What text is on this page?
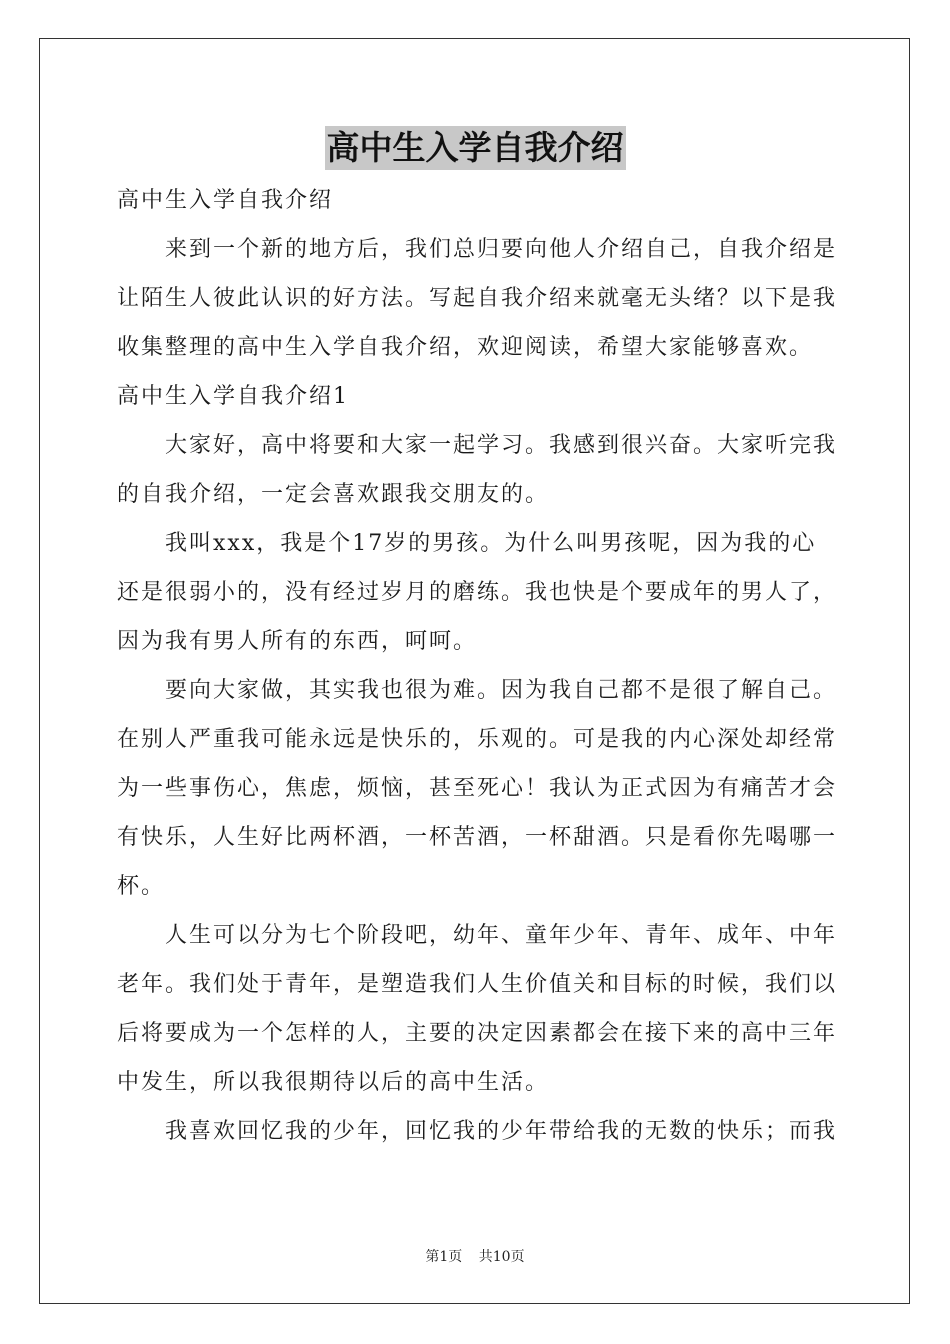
高中生入学自我介绍
高中生入学自我介绍
来到一个新的地方后，我们总归要向他人介绍自己，自我介绍是
让陌生人彼此认识的好方法。写起自我介绍来就毫无头绪？以下是我
收集整理的高中生入学自我介绍，欢迎阅读，希望大家能够喜欢。
高中生入学自我介绍1
大家好，高中将要和大家一起学习。我感到很兴奋。大家听完我
的自我介绍，一定会喜欢跟我交朋友的。
我叫xxx，我是个17岁的男孩。为什么叫男孩呢，因为我的心
还是很弱小的，没有经过岁月的磨练。我也快是个要成年的男人了，
因为我有男人所有的东西，呵呵。
要向大家做，其实我也很为难。因为我自己都不是很了解自己。
在别人严重我可能永远是快乐的，乐观的。可是我的内心深处却经常
为一些事伤心，焦虑，烦恼，甚至死心！我认为正式因为有痛苦才会
有快乐，人生好比两杯酒，一杯苦酒，一杯甜酒。只是看你先喝哪一
杯。
人生可以分为七个阶段吧，幼年、童年少年、青年、成年、中年
老年。我们处于青年，是塑造我们人生价值关和目标的时候，我们以
后将要成为一个怎样的人，主要的决定因素都会在接下来的高中三年
中发生，所以我很期待以后的高中生活。
我喜欢回忆我的少年，回忆我的少年带给我的无数的快乐；而我
第1页 共10页
